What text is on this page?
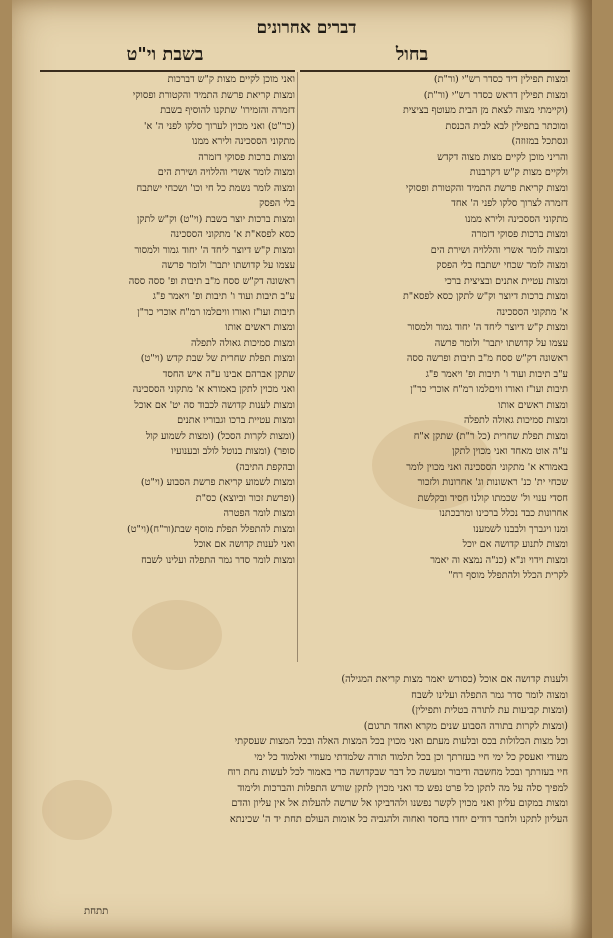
דברים אחרונים
בחול
בשבת וי"ט
ומצות תפילין דיד כסדר רש"י (ור"ת)
ומצות תפילין דראש כסדר רש"י (ור"ת)
(וקיימתי מצוה לצאת מן הבית מעוטף בציצית
ומוכתר בתפילין לבא לבית הכנסת
ונסתכל במזוזה)
והריני מוכן לקיים מצות מצוה דקדש
ולקיים מצות ק"ש דקרבנות
ומצות קריאת פרשת התמיד והקטורת ופסוקי
דזמרה לצרוך סלקו לפני ה' אחד
מתקוני הססכינה ולירא ממנו
ומצות ברכות פסוקי דזמרה
ומצוה לומר אשרי והללויה ושירת הים
ומצוה לומר שכחי ישתבח בלי הפסק
ומצות עטיית אתנים ובציצית ברכי
ומצות ברכות דיוצר וק"ש לתקן כסא לפסא"ת
א' מתקוני הססכינה
ומצות ק"ש דיוצר ליחד ה' יחוד גמור ולמסור
עצמו על קדושתו יתבר' ולומר פרשה
ראשונה דק"ש ססח מ"ב תיבות ופרשה ססה
ע"ב תיבות ועוד ו' תיבות ופ' ויאמר פ"ג
תיבות ועו"ז ואורו וויםלמו רמ"ח אוכרי כר"ן
ומצות ראשים אותו
ומצות סמיכות גאולה לתפלה
ומצות תפלת שחרית (כל ר"ת) שתקן א"ח
ע"ה אוט מאחד ואני מכוין לתקן
באמורא א' מתקוני הססכינה ואני מכוין לומר
שכחי ית' כנ' ראשונות וג' אחרונות ולזכור
חסדי ענוי ול' שכמתו קולנו חסיד ובקלשת
אחרונות כבד נכלל ברכינו ומרבכתנו
ומנו ויגברך ולבבנו לשמענו
ומצות לתנוע קדושה אם יוכל
ומצות וידוי ונ"א (כנ"ה נמצא וה יאמר
לקרית הכלל ולהתפלל מוסף רח"
ואני מוכן לקיים מצות ק"ש דברכות
ומצות קריאת פרשת התמיד והקטורת ופסוקי
דזמרה והזמירו' שתקנו להוסיף בשבת
(כר"ט) ואני מכוין לערוך סלקו לפני ה' א'
מתקוני הססכינה ולירא ממנו
ומצות ברכות פסוקי דזמרה
ומצוה לומר אשרי והללויה ושירת הים
ומצוה לומר נשמת כל חי וכו' ושכחי ישתבח
בלי הפסק
ומצות ברכות יוצר בשבת (וי"ט) וק"ש לתקן
כסא לפסא"ת א' מתקוני הססכינה
ומצות ק"ש דיוצר ליחד ה' יחוד גמור ולמסור
עצמו על קדושתו יתבר' ולומר פרשה
ראשונה דק"ש ססח מ"ב תיבות ופ' ססה ססה
ע"ב תיבות ועוד ו' תיבות ופ' ויאמר פ"ג
תיבות ועו"ז ואורו וויםלמו רמ"ח אוכרי כר"ן
ומצות ראשים אותו
ומצות סמיכות גאולה לתפלה
ומצות תפלת שחרית של שבת קדש (וי"ט)
שתקן אברהם אבינו ע"ה איש החסד
ואני מכוין לתקן באמורא א' מתקוני הססכינה
ומצות לענות קדושה לכבוד סה יט' אם אוכל
ומצות עטיית ברכו וגבוריו אתנים
(ומצות לקרות הסכל) (ומצות לשמוע קול
סופר) (ומצות בנוטל לולב ובענועיו
ובהקפת התיבה)
ומצות לשמוע קריאת פרשת הסבוע (וי"ט)
(ופרשת זכור וביוצא) כס"ת
ומצות לומר הפטרה
ומצות להתפלל תפלת מוסף שבת(ור"ח)(וי"ט)
ואני לענות קדושה אם אוכל
ומצות לומר סדר גמר התפלה ועלינו לשבח
ולענות קדושה אם אוכל (כסורש יאמר מצות קריאת המגילה)
ומצוה לומר סדר גמר התפלה ועלינו לשבח
(ומצות קביעות עת לתורה בטלית ותפילין)
(ומצות לקרות בתורה הסבוע שנים מקרא ואחד תרגום)
וכל מצות הכלולות בכס ובלעות מעתם ואני מכוין בכל המצות האלה ובכל המצות שעסקתי
מעודי ואעסק כל ימי חיי בעזרתך וכן בכל תלמוד תורה שלמדתי מעודי ואלמוד כל ימי
חיי בעזרתך ובכל מחשבה ודיבור ומעשה כל דבר שבקדושה כדי באמור לכל לעשות נחת רוח
למפיך סלה על מה לתקן כל פרט נפש כד ואני מכוין לתקן שורש התפלות והברכות ולימוד
ומצות במקום עליון ואני מכוין לקשר נפשנו ולהדביקו אל שרשה להעלות אל אין עליון והדם
העליון לתקנו ולחבר דודים יחדו בחסד ואחוה ולהגביה כל אומות העולם תחת יד ה' שכינתא
תתחת
